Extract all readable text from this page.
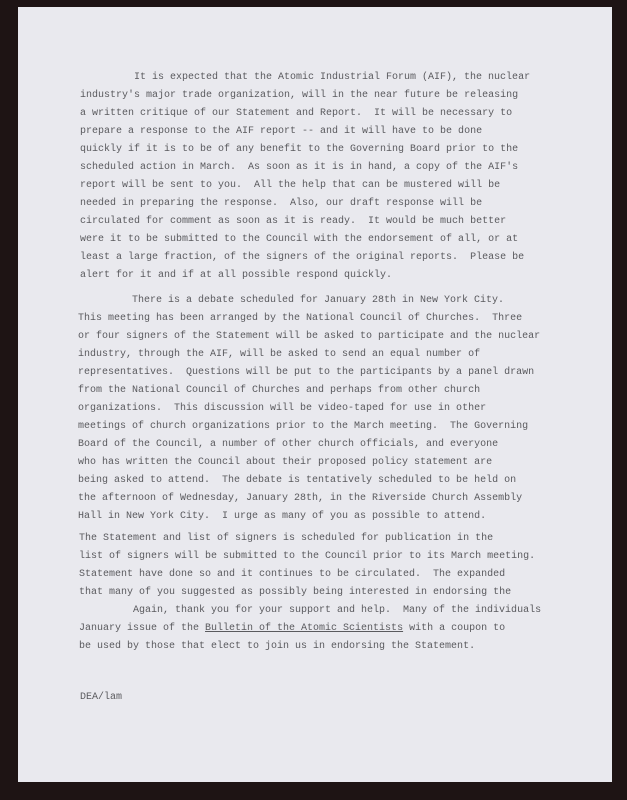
It is expected that the Atomic Industrial Forum (AIF), the nuclear
industry's major trade organization, will in the near future be releasing
a written critique of our Statement and Report.  It will be necessary to
prepare a response to the AIF report -- and it will have to be done
quickly if it is to be of any benefit to the Governing Board prior to the
scheduled action in March.  As soon as it is in hand, a copy of the AIF's
report will be sent to you.  All the help that can be mustered will be
needed in preparing the response.  Also, our draft response will be
circulated for comment as soon as it is ready.  It would be much better
were it to be submitted to the Council with the endorsement of all, or at
least a large fraction, of the signers of the original reports.  Please be
alert for it and if at all possible respond quickly.
There is a debate scheduled for January 28th in New York City.
This meeting has been arranged by the National Council of Churches.  Three
or four signers of the Statement will be asked to participate and the nuclear
industry, through the AIF, will be asked to send an equal number of
representatives.  Questions will be put to the participants by a panel drawn
from the National Council of Churches and perhaps from other church
organizations.  This discussion will be video-taped for use in other
meetings of church organizations prior to the March meeting.  The Governing
Board of the Council, a number of other church officials, and everyone
who has written the Council about their proposed policy statement are
being asked to attend.  The debate is tentatively scheduled to be held on
the afternoon of Wednesday, January 28th, in the Riverside Church Assembly
Hall in New York City.  I urge as many of you as possible to attend.
The Statement and list of signers is scheduled for publication in the
list of signers will be submitted to the Council prior to its March meeting.
Statement have done so and it continues to be circulated.  The expanded
that many of you suggested as possibly being interested in endorsing the
Again, thank you for your support and help.  Many of the individuals
January issue of the Bulletin of the Atomic Scientists with a coupon to
be used by those that elect to join us in endorsing the Statement.
DEA/lam
